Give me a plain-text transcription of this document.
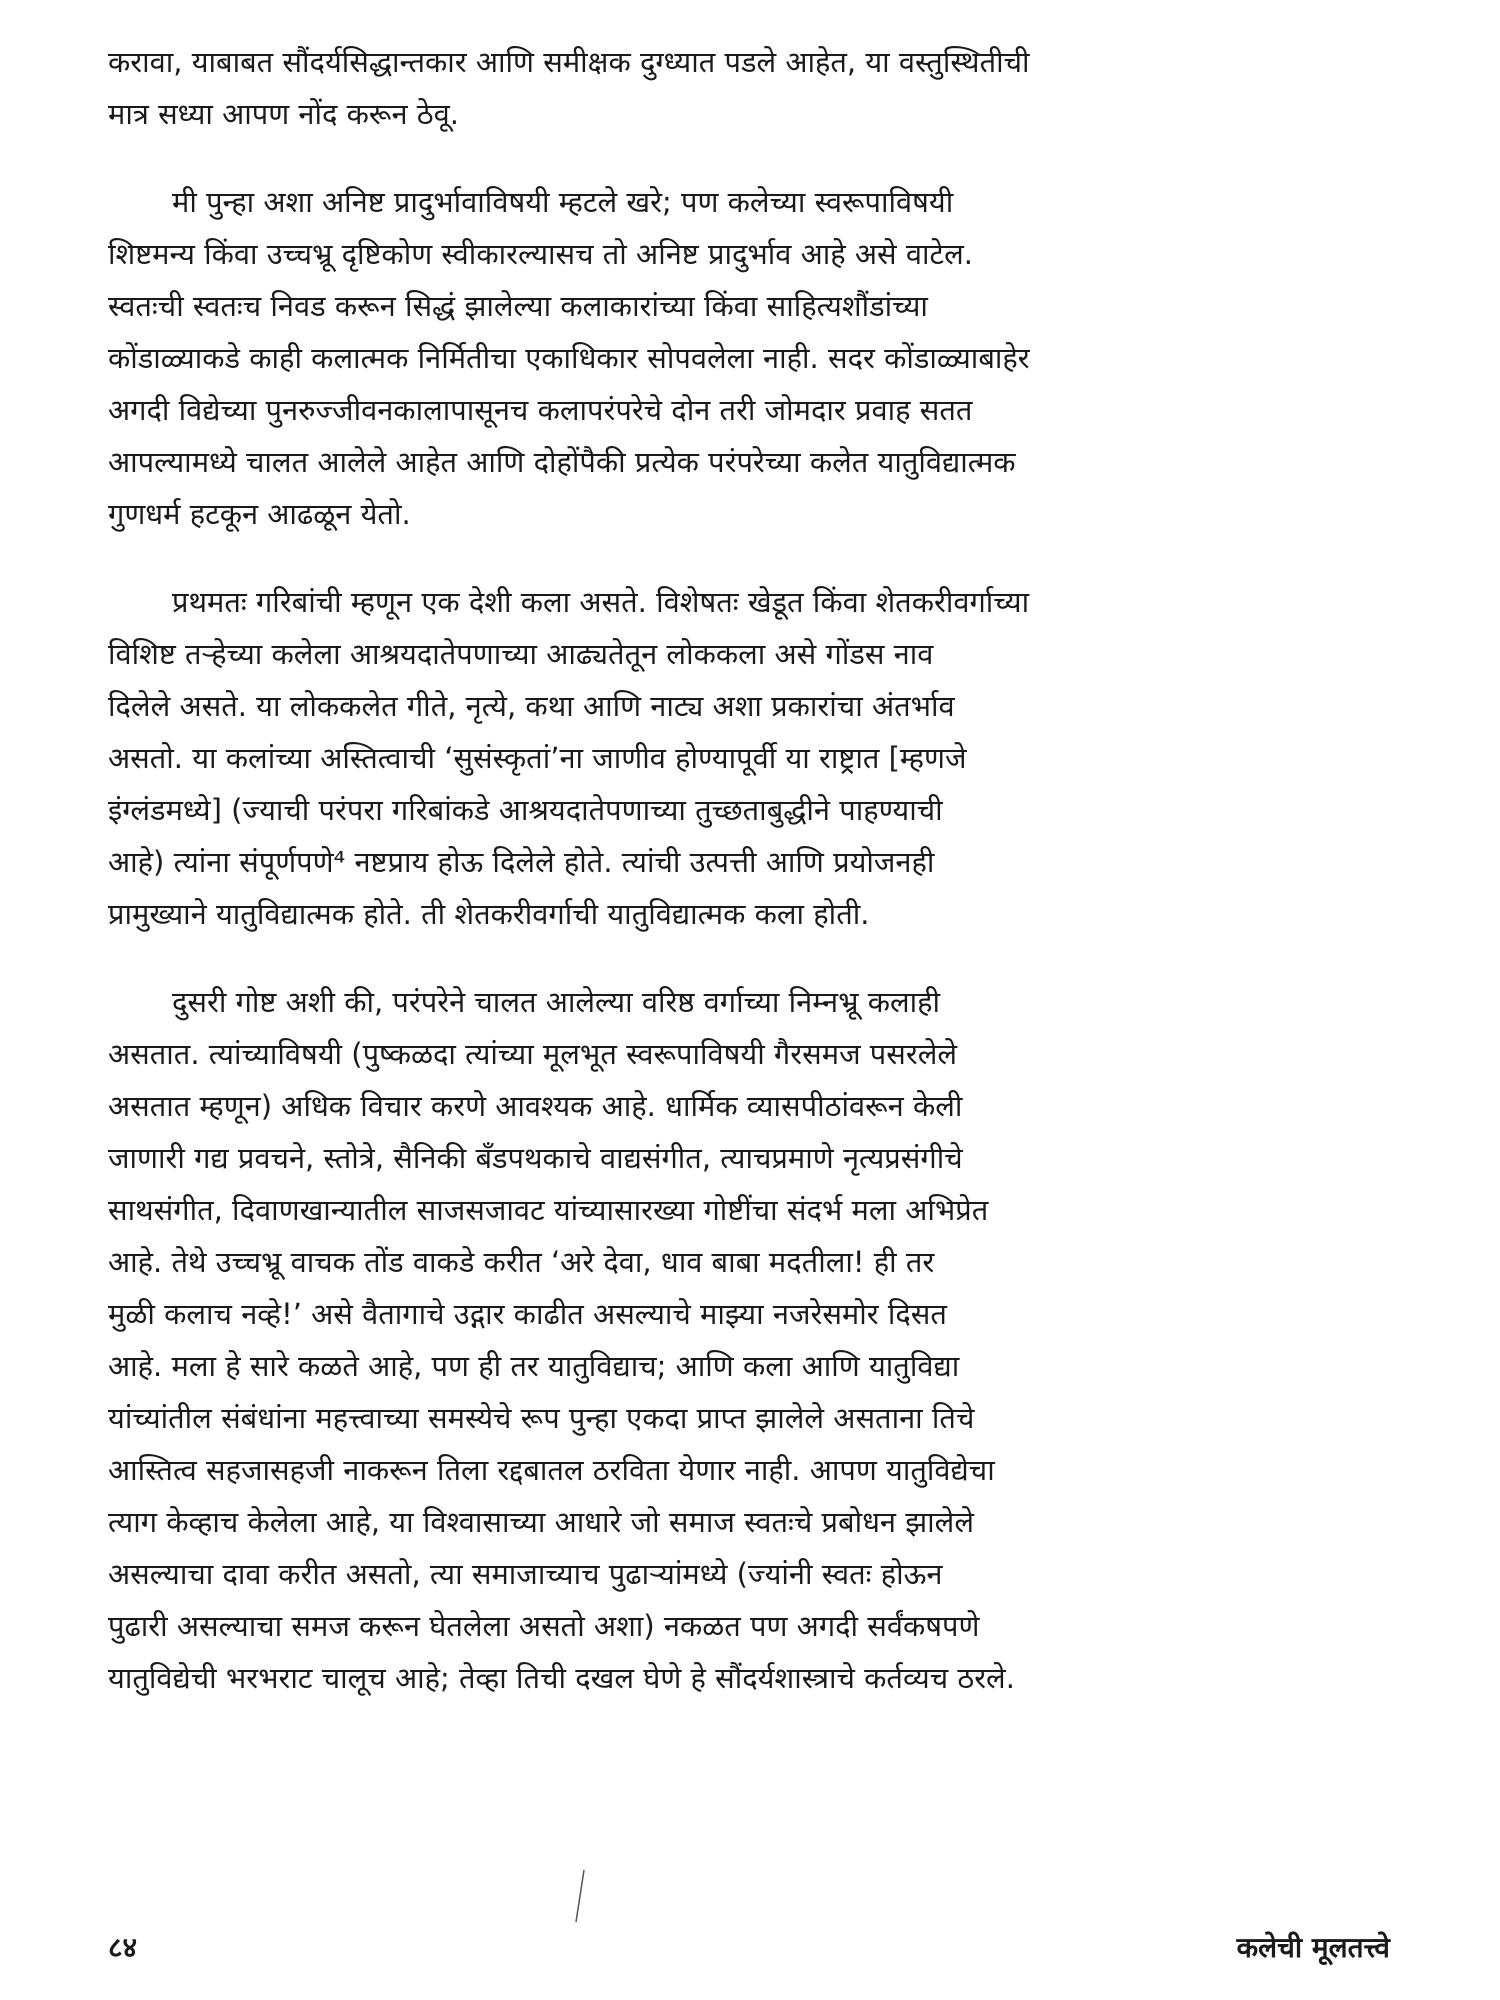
करावा, याबाबत सौंदर्यसिद्धान्तकार आणि समीक्षक दुग्ध्यात पडले आहेत, या वस्तुस्थितीची
मात्र सध्या आपण नोंद करून ठेवू.

मी पुन्हा अशा अनिष्ट प्रादुर्भावाविषयी म्हटले खरे; पण कलेच्या स्वरूपाविषयी
शिष्टमन्य किंवा उच्चभ्रू दृष्टिकोण स्वीकारल्यासच तो अनिष्ट प्रादुर्भाव आहे असे वाटेल.
स्वतःची स्वतःच निवड करून सिद्धं झालेल्या कलाकारांच्या किंवा साहित्यशौंडांच्या
कोंडाळ्याकडे काही कलात्मक निर्मितीचा एकाधिकार सोपवलेला नाही. सदर कोंडाळ्याबाहेर
अगदी विद्येच्या पुनरुज्जीवनकालापासूनच कलापरंपरेचे दोन तरी जोमदार प्रवाह सतत
आपल्यामध्ये चालत आलेले आहेत आणि दोहोंपैकी प्रत्येक परंपरेच्या कलेत यातुविद्यात्मक
गुणधर्म हटकून आढळून येतो.

प्रथमतः गरिबांची म्हणून एक देशी कला असते. विशेषतः खेडूत किंवा शेतकरीवर्गाच्या
विशिष्ट तऱ्हेच्या कलेला आश्रयदातेपणाच्या आढ्यतेतून लोककला असे गोंडस नाव
दिलेले असते. या लोककलेत गीते, नृत्ये, कथा आणि नाट्य अशा प्रकारांचा अंतर्भाव
असतो. या कलांच्या अस्तित्वाची ‘सुसंस्कृतां’ना जाणीव होण्यापूर्वी या राष्ट्रात [म्हणजे
इंग्लंडमध्ये] (ज्याची परंपरा गरिबांकडे आश्रयदातेपणाच्या तुच्छताबुद्धीने पाहण्याची
आहे) त्यांना संपूर्णपणे⁴ नष्टप्राय होऊ दिलेले होते. त्यांची उत्पत्ती आणि प्रयोजनही
प्रामुख्याने यातुविद्यात्मक होते. ती शेतकरीवर्गाची यातुविद्यात्मक कला होती.

दुसरी गोष्ट अशी की, परंपरेने चालत आलेल्या वरिष्ठ वर्गाच्या निम्नभ्रू कलाही
असतात. त्यांच्याविषयी (पुष्कळदा त्यांच्या मूलभूत स्वरूपाविषयी गैरसमज पसरलेले
असतात म्हणून) अधिक विचार करणे आवश्यक आहे. धार्मिक व्यासपीठांवरून केली
जाणारी गद्य प्रवचने, स्तोत्रे, सैनिकी बँडपथकाचे वाद्यसंगीत, त्याचप्रमाणे नृत्यप्रसंगीचे
साथसंगीत, दिवाणखान्यातील साजसजावट यांच्यासारख्या गोष्टींचा संदर्भ मला अभिप्रेत
आहे. तेथे उच्चभ्रू वाचक तोंड वाकडे करीत ‘अरे देवा, धाव बाबा मदतीला! ही तर
मुळी कलाच नव्हे!’ असे वैतागाचे उद्गार काढीत असल्याचे माझ्या नजरेसमोर दिसत
आहे. मला हे सारे कळते आहे, पण ही तर यातुविद्याच; आणि कला आणि यातुविद्या
यांच्यांतील संबंधांना महत्त्वाच्या समस्येचे रूप पुन्हा एकदा प्राप्त झालेले असताना तिचे
आस्तित्व सहजासहजी नाकरून तिला रद्दबातल ठरविता येणार नाही. आपण यातुविद्येचा
त्याग केव्हाच केलेला आहे, या विश्वासाच्या आधारे जो समाज स्वतःचे प्रबोधन झालेले
असल्याचा दावा करीत असतो, त्या समाजाच्याच पुढाऱ्यांमध्ये (ज्यांनी स्वतः होऊन
पुढारी असल्याचा समज करून घेतलेला असतो अशा) नकळत पण अगदी सर्वंकषपणे
यातुविद्येची भरभराट चालूच आहे; तेव्हा तिची दखल घेणे हे सौंदर्यशास्त्राचे कर्तव्यच ठरले.

८४	कलेची मूलतत्त्वे
